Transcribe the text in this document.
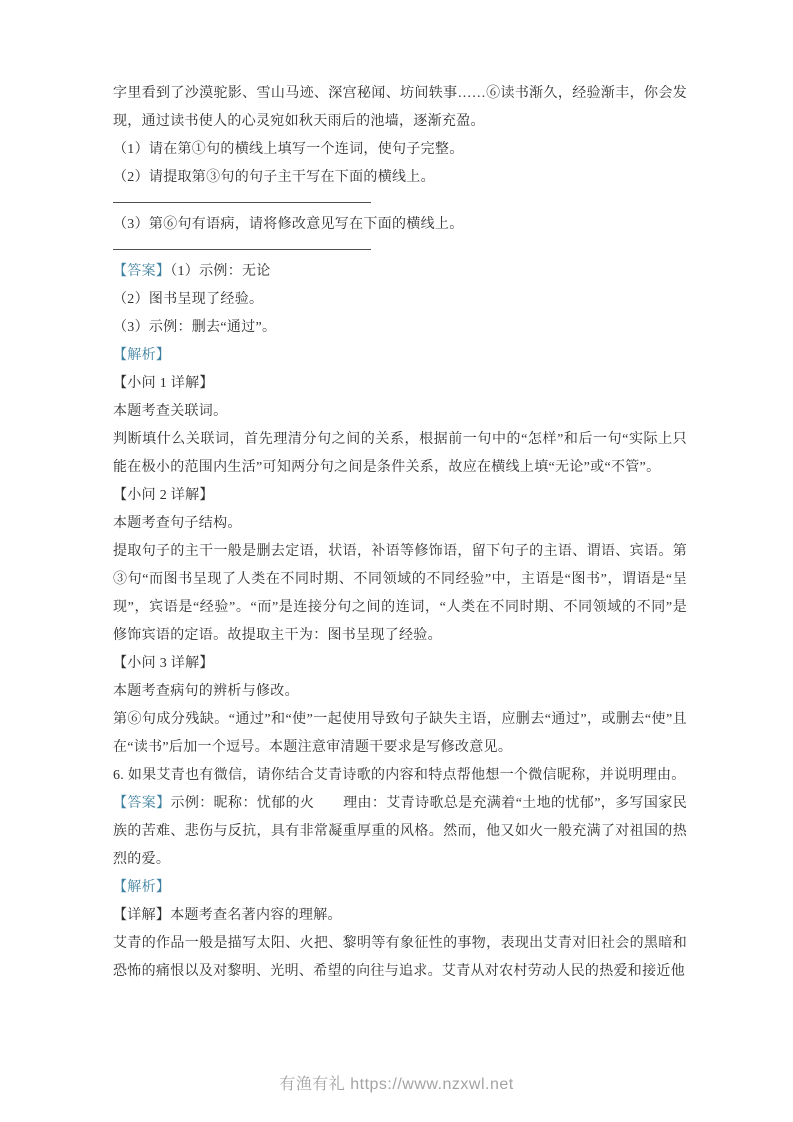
字里看到了沙漠驼影、雪山马迹、深宫秘闻、坊间轶事……⑥读书渐久，经验渐丰，你会发现，通过读书使人的心灵宛如秋天雨后的池墙，逐渐充盈。

（1）请在第①句的横线上填写一个连词，使句子完整。

（2）请提取第③句的句子主干写在下面的横线上。

（3）第⑥句有语病，请将修改意见写在下面的横线上。

【答案】（1）示例：无论

（2）图书呈现了经验。

（3）示例：删去“通过”。

【解析】

【小问 1 详解】

本题考查关联词。

判断填什么关联词，首先理清分句之间的关系，根据前一句中的“怎样”和后一句“实际上只能在极小的范围内生活”可知两分句之间是条件关系，故应在横线上填“无论”或“不管”。

【小问 2 详解】

本题考查句子结构。

提取句子的主干一般是删去定语，状语，补语等修饰语，留下句子的主语、谓语、宾语。第③句“而图书呈现了人类在不同时期、不同领域的不同经验”中，主语是“图书”，谓语是“呈现”，宾语是“经验”。“而”是连接分句之间的连词，“人类在不同时期、不同领域的不同”是修饰宾语的定语。故提取主干为：图书呈现了经验。

【小问 3 详解】

本题考查病句的辨析与修改。

第⑥句成分残缺。“通过”和“使”一起使用导致句子缺失主语，应删去“通过”，或删去“使”且在“读书”后加一个逗号。本题注意审清题干要求是写修改意见。

6. 如果艾青也有微信，请你结合艾青诗歌的内容和特点帮他想一个微信昵称，并说明理由。

【答案】示例：昵称：忧郁的火　　理由：艾青诗歌总是充满着“土地的忧郁”，多写国家民族的苦难、悲伤与反抗，具有非常凝重厚重的风格。然而，他又如火一般充满了对祖国的热烈的爱。

【解析】

【详解】本题考查名著内容的理解。

艾青的作品一般是描写太阳、火把、黎明等有象征性的事物，表现出艾青对旧社会的黑暗和恐怖的痛恨以及对黎明、光明、希望的向往与追求。艾青从对农村劳动人民的热爱和接近他

有渔有礼 https://www.nzxwl.net
